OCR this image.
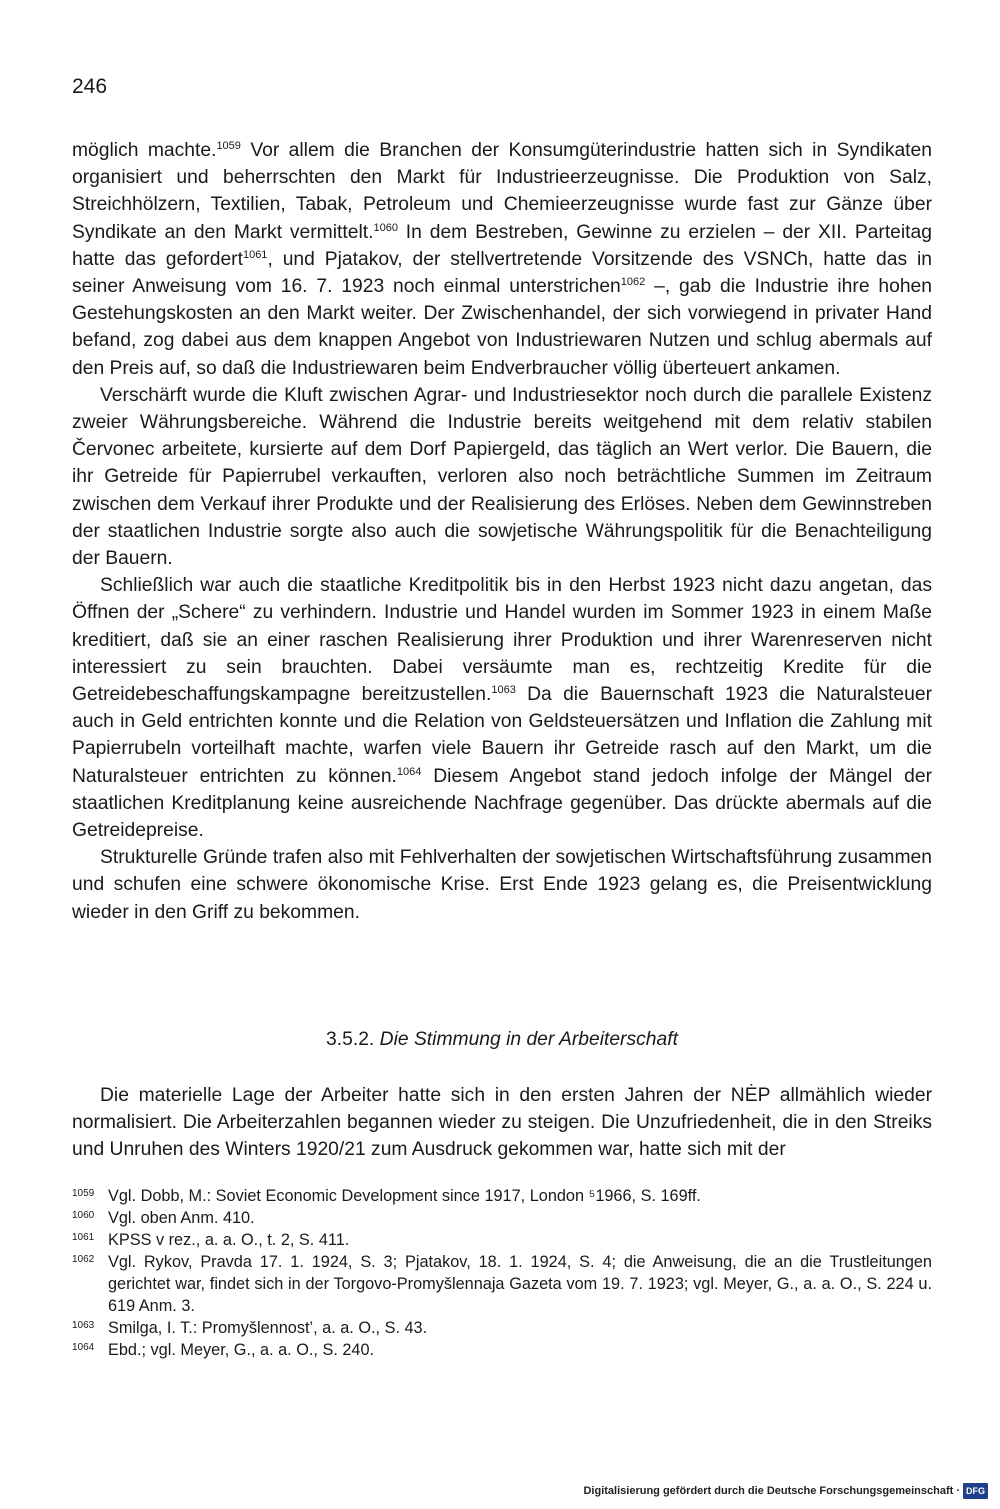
246

möglich machte.$^{1059}$ Vor allem die Branchen der Konsumgüterindustrie hatten sich in Syndikaten organisiert und beherrschten den Markt für Industrieerzeugnisse. Die Produktion von Salz, Streichhölzern, Textilien, Tabak, Petroleum und Chemieerzeugnisse wurde fast zur Gänze über Syndikate an den Markt vermittelt.$^{1060}$ In dem Bestreben, Gewinne zu erzielen – der XII. Parteitag hatte das gefordert$^{1061}$, und Pjatakov, der stellvertretende Vorsitzende des VSNCh, hatte das in seiner Anweisung vom 16. 7. 1923 noch einmal unterstrichen$^{1062}$ –, gab die Industrie ihre hohen Gestehungskosten an den Markt weiter. Der Zwischenhandel, der sich vorwiegend in privater Hand befand, zog dabei aus dem knappen Angebot von Industriewaren Nutzen und schlug abermals auf den Preis auf, so daß die Industriewaren beim Endverbraucher völlig überteuert ankamen.

Verschärft wurde die Kluft zwischen Agrar- und Industriesektor noch durch die parallele Existenz zweier Währungsbereiche. Während die Industrie bereits weitgehend mit dem relativ stabilen Červonec arbeitete, kursierte auf dem Dorf Papiergeld, das täglich an Wert verlor. Die Bauern, die ihr Getreide für Papierrubel verkauften, verloren also noch beträchtliche Summen im Zeitraum zwischen dem Verkauf ihrer Produkte und der Realisierung des Erlöses. Neben dem Gewinnstreben der staatlichen Industrie sorgte also auch die sowjetische Währungspolitik für die Benachteiligung der Bauern.

Schließlich war auch die staatliche Kreditpolitik bis in den Herbst 1923 nicht dazu angetan, das Öffnen der „Schere“ zu verhindern. Industrie und Handel wurden im Sommer 1923 in einem Maße kreditiert, daß sie an einer raschen Realisierung ihrer Produktion und ihrer Warenreserven nicht interessiert zu sein brauchten. Dabei versäumte man es, rechtzeitig Kredite für die Getreidebeschaffungskampagne bereitzustellen.$^{1063}$ Da die Bauernschaft 1923 die Naturalsteuer auch in Geld entrichten konnte und die Relation von Geldsteuersätzen und Inflation die Zahlung mit Papierrubeln vorteilhaft machte, warfen viele Bauern ihr Getreide rasch auf den Markt, um die Naturalsteuer entrichten zu können.$^{1064}$ Diesem Angebot stand jedoch infolge der Mängel der staatlichen Kreditplanung keine ausreichende Nachfrage gegenüber. Das drückte abermals auf die Getreidepreise.

Strukturelle Gründe trafen also mit Fehlverhalten der sowjetischen Wirtschaftsführung zusammen und schufen eine schwere ökonomische Krise. Erst Ende 1923 gelang es, die Preisentwicklung wieder in den Griff zu bekommen.

3.5.2. Die Stimmung in der Arbeiterschaft

Die materielle Lage der Arbeiter hatte sich in den ersten Jahren der NĖP allmählich wieder normalisiert. Die Arbeiterzahlen begannen wieder zu steigen. Die Unzufriedenheit, die in den Streiks und Unruhen des Winters 1920/21 zum Ausdruck gekommen war, hatte sich mit der

1059 Vgl. Dobb, M.: Soviet Economic Development since 1917, London ⁵1966, S. 169ff.
1060 Vgl. oben Anm. 410.
1061 KPSS v rez., a. a. O., t. 2, S. 411.
1062 Vgl. Rykov, Pravda 17. 1. 1924, S. 3; Pjatakov, 18. 1. 1924, S. 4; die Anweisung, die an die Trustleitungen gerichtet war, findet sich in der Torgovo-Promyšlennaja Gazeta vom 19. 7. 1923; vgl. Meyer, G., a. a. O., S. 224 u. 619 Anm. 3.
1063 Smilga, I. T.: Promyšlennost’, a. a. O., S. 43.
1064 Ebd.; vgl. Meyer, G., a. a. O., S. 240.
Digitalisierung gefördert durch die Deutsche Forschungsgemeinschaft · DFG
